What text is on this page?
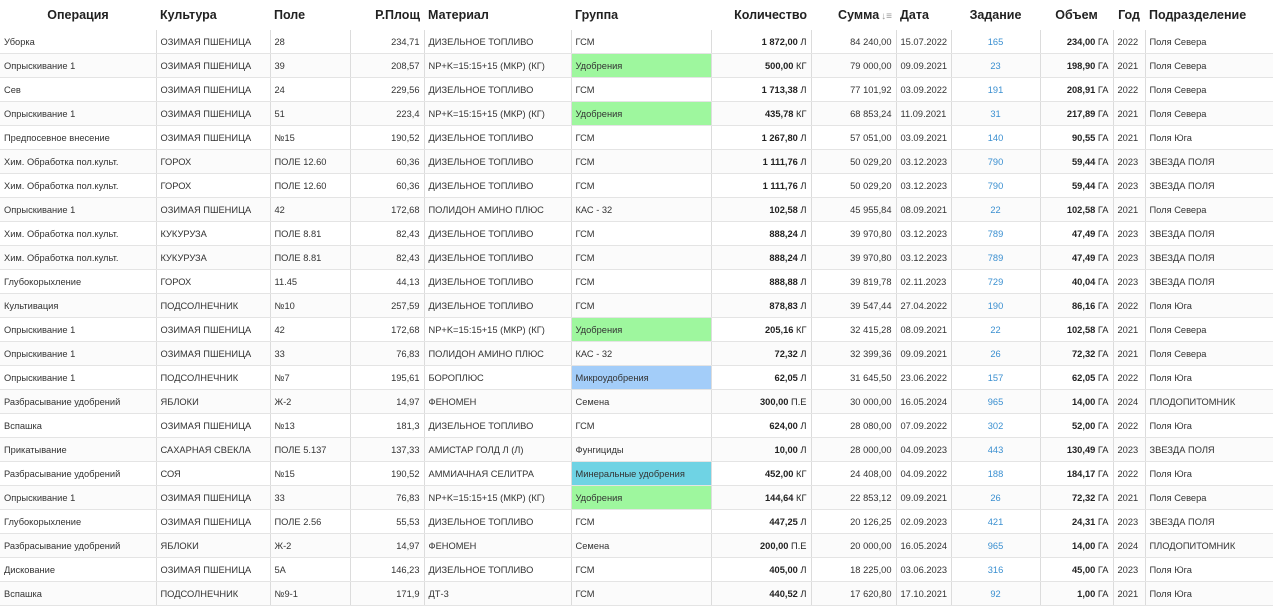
Операция	Культура	Поле	Р.Площ	Материал	Группа	Количество	Сумма ↓≡	Дата	Задание	Объем	Год	Подразделение
Уборка	ОЗИМАЯ ПШЕНИЦА	28	234,71	ДИЗЕЛЬНОЕ ТОПЛИВО	ГСМ	1 872,00 Л	84 240,00	15.07.2022	165	234,00 ГА	2022	Поля Севера
Опрыскивание 1	ОЗИМАЯ ПШЕНИЦА	39	208,57	NP+K=15:15+15 (МКР) (КГ)	Удобрения	500,00 КГ	79 000,00	09.09.2021	23	198,90 ГА	2021	Поля Севера
Сев	ОЗИМАЯ ПШЕНИЦА	24	229,56	ДИЗЕЛЬНОЕ ТОПЛИВО	ГСМ	1 713,38 Л	77 101,92	03.09.2022	191	208,91 ГА	2022	Поля Севера
Опрыскивание 1	ОЗИМАЯ ПШЕНИЦА	51	223,4	NP+K=15:15+15 (МКР) (КГ)	Удобрения	435,78 КГ	68 853,24	11.09.2021	31	217,89 ГА	2021	Поля Севера
Предпосевное внесение	ОЗИМАЯ ПШЕНИЦА	№15	190,52	ДИЗЕЛЬНОЕ ТОПЛИВО	ГСМ	1 267,80 Л	57 051,00	03.09.2021	140	90,55 ГА	2021	Поля Юга
Хим. Обработка пол.культ.	ГОРОХ	ПОЛЕ 12.60	60,36	ДИЗЕЛЬНОЕ ТОПЛИВО	ГСМ	1 111,76 Л	50 029,20	03.12.2023	790	59,44 ГА	2023	ЗВЕЗДА ПОЛЯ
Хим. Обработка пол.культ.	ГОРОХ	ПОЛЕ 12.60	60,36	ДИЗЕЛЬНОЕ ТОПЛИВО	ГСМ	1 111,76 Л	50 029,20	03.12.2023	790	59,44 ГА	2023	ЗВЕЗДА ПОЛЯ
Опрыскивание 1	ОЗИМАЯ ПШЕНИЦА	42	172,68	ПОЛИДОН АМИНО ПЛЮС	КАС - 32	102,58 Л	45 955,84	08.09.2021	22	102,58 ГА	2021	Поля Севера
Хим. Обработка пол.культ.	КУКУРУЗА	ПОЛЕ 8.81	82,43	ДИЗЕЛЬНОЕ ТОПЛИВО	ГСМ	888,24 Л	39 970,80	03.12.2023	789	47,49 ГА	2023	ЗВЕЗДА ПОЛЯ
Хим. Обработка пол.культ.	КУКУРУЗА	ПОЛЕ 8.81	82,43	ДИЗЕЛЬНОЕ ТОПЛИВО	ГСМ	888,24 Л	39 970,80	03.12.2023	789	47,49 ГА	2023	ЗВЕЗДА ПОЛЯ
Глубокорыхление	ГОРОХ	11.45	44,13	ДИЗЕЛЬНОЕ ТОПЛИВО	ГСМ	888,88 Л	39 819,78	02.11.2023	729	40,04 ГА	2023	ЗВЕЗДА ПОЛЯ
Культивация	ПОДСОЛНЕЧНИК	№10	257,59	ДИЗЕЛЬНОЕ ТОПЛИВО	ГСМ	878,83 Л	39 547,44	27.04.2022	190	86,16 ГА	2022	Поля Юга
Опрыскивание 1	ОЗИМАЯ ПШЕНИЦА	42	172,68	NP+K=15:15+15 (МКР) (КГ)	Удобрения	205,16 КГ	32 415,28	08.09.2021	22	102,58 ГА	2021	Поля Севера
Опрыскивание 1	ОЗИМАЯ ПШЕНИЦА	33	76,83	ПОЛИДОН АМИНО ПЛЮС	КАС - 32	72,32 Л	32 399,36	09.09.2021	26	72,32 ГА	2021	Поля Севера
Опрыскивание 1	ПОДСОЛНЕЧНИК	№7	195,61	БОРОПЛЮС	Микроудобрения	62,05 Л	31 645,50	23.06.2022	157	62,05 ГА	2022	Поля Юга
Разбрасывание удобрений	ЯБЛОКИ	Ж-2	14,97	ФЕНОМЕН	Семена	300,00 П.Е	30 000,00	16.05.2024	965	14,00 ГА	2024	ПЛОДОПИТОМНИК
Вспашка	ОЗИМАЯ ПШЕНИЦА	№13	181,3	ДИЗЕЛЬНОЕ ТОПЛИВО	ГСМ	624,00 Л	28 080,00	07.09.2022	302	52,00 ГА	2022	Поля Юга
Прикатывание	САХАРНАЯ СВЕКЛА	ПОЛЕ 5.137	137,33	АМИСТАР ГОЛД Л (Л)	Фунгициды	10,00 Л	28 000,00	04.09.2023	443	130,49 ГА	2023	ЗВЕЗДА ПОЛЯ
Разбрасывание удобрений	СОЯ	№15	190,52	АММИАЧНАЯ СЕЛИТРА	Минеральные удобрения	452,00 КГ	24 408,00	04.09.2022	188	184,17 ГА	2022	Поля Юга
Опрыскивание 1	ОЗИМАЯ ПШЕНИЦА	33	76,83	NP+K=15:15+15 (МКР) (КГ)	Удобрения	144,64 КГ	22 853,12	09.09.2021	26	72,32 ГА	2021	Поля Севера
Глубокорыхление	ОЗИМАЯ ПШЕНИЦА	ПОЛЕ 2.56	55,53	ДИЗЕЛЬНОЕ ТОПЛИВО	ГСМ	447,25 Л	20 126,25	02.09.2023	421	24,31 ГА	2023	ЗВЕЗДА ПОЛЯ
Разбрасывание удобрений	ЯБЛОКИ	Ж-2	14,97	ФЕНОМЕН	Семена	200,00 П.Е	20 000,00	16.05.2024	965	14,00 ГА	2024	ПЛОДОПИТОМНИК
Дискование	ОЗИМАЯ ПШЕНИЦА	5А	146,23	ДИЗЕЛЬНОЕ ТОПЛИВО	ГСМ	405,00 Л	18 225,00	03.06.2023	316	45,00 ГА	2023	Поля Юга
Вспашка	ПОДСОЛНЕЧНИК	№9-1	171,9	ДТ-3	ГСМ	440,52 Л	17 620,80	17.10.2021	92	1,00 ГА	2021	Поля Юга
